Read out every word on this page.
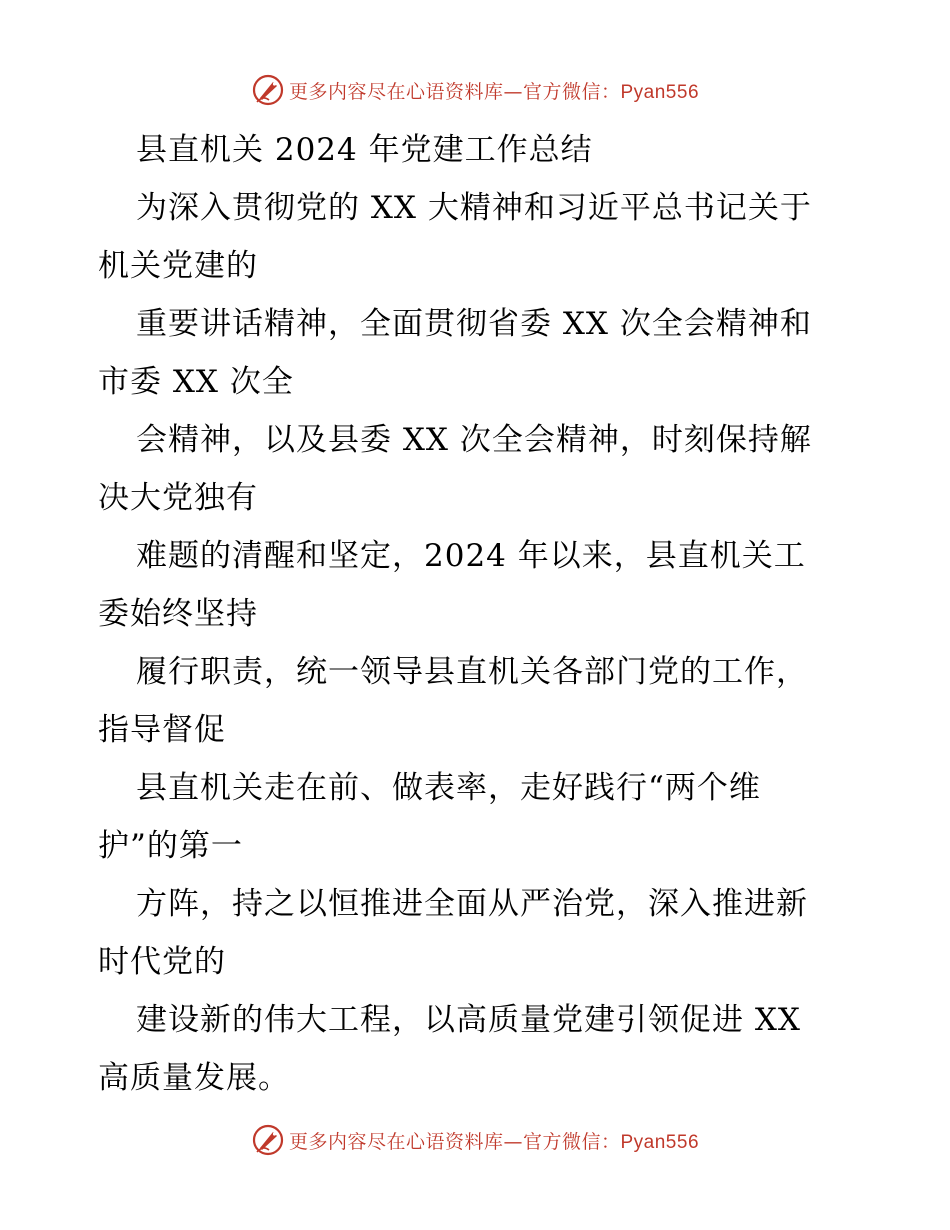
更多内容尽在心语资料库—官方微信：Pyan556
县直机关 2024 年党建工作总结
为深入贯彻党的 XX 大精神和习近平总书记关于
机关党建的
重要讲话精神，全面贯彻省委 XX 次全会精神和
市委 XX 次全
会精神，以及县委 XX 次全会精神，时刻保持解
决大党独有
难题的清醒和坚定，2024 年以来，县直机关工
委始终坚持
履行职责，统一领导县直机关各部门党的工作，
指导督促
县直机关走在前、做表率，走好践行“两个维
护”的第一
方阵，持之以恒推进全面从严治党，深入推进新
时代党的
建设新的伟大工程，以高质量党建引领促进 XX
高质量发展。
更多内容尽在心语资料库—官方微信：Pyan556
